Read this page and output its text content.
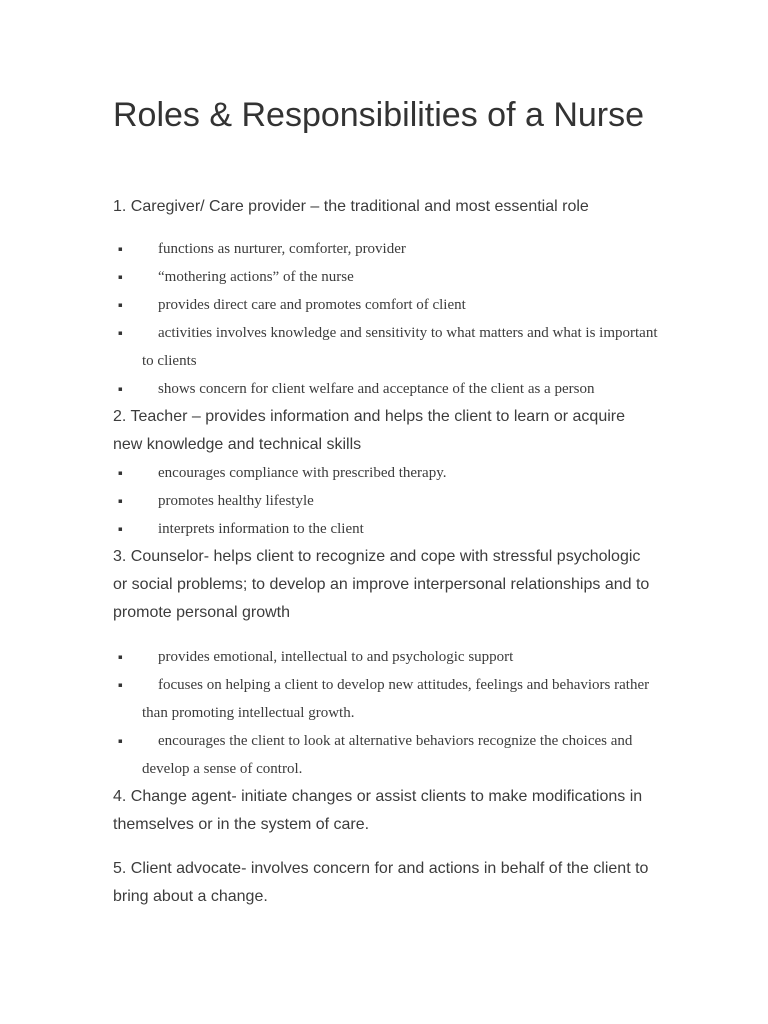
Roles & Responsibilities of a Nurse

1. Caregiver/ Care provider – the traditional and most essential role

▪ functions as nurturer, comforter, provider
▪ “mothering actions” of the nurse
▪ provides direct care and promotes comfort of client
▪ activities involves knowledge and sensitivity to what matters and what is important to clients
▪ shows concern for client welfare and acceptance of the client as a person

2. Teacher – provides information and helps the client to learn or acquire new knowledge and technical skills

▪ encourages compliance with prescribed therapy.
▪ promotes healthy lifestyle
▪ interprets information to the client

3. Counselor- helps client to recognize and cope with stressful psychologic or social problems; to develop an improve interpersonal relationships and to promote personal growth

▪ provides emotional, intellectual to and psychologic support
▪ focuses on helping a client to develop new attitudes, feelings and behaviors rather than promoting intellectual growth.
▪ encourages the client to look at alternative behaviors recognize the choices and develop a sense of control.

4. Change agent- initiate changes or assist clients to make modifications in themselves or in the system of care.

5. Client advocate- involves concern for and actions in behalf of the client to bring about a change.
